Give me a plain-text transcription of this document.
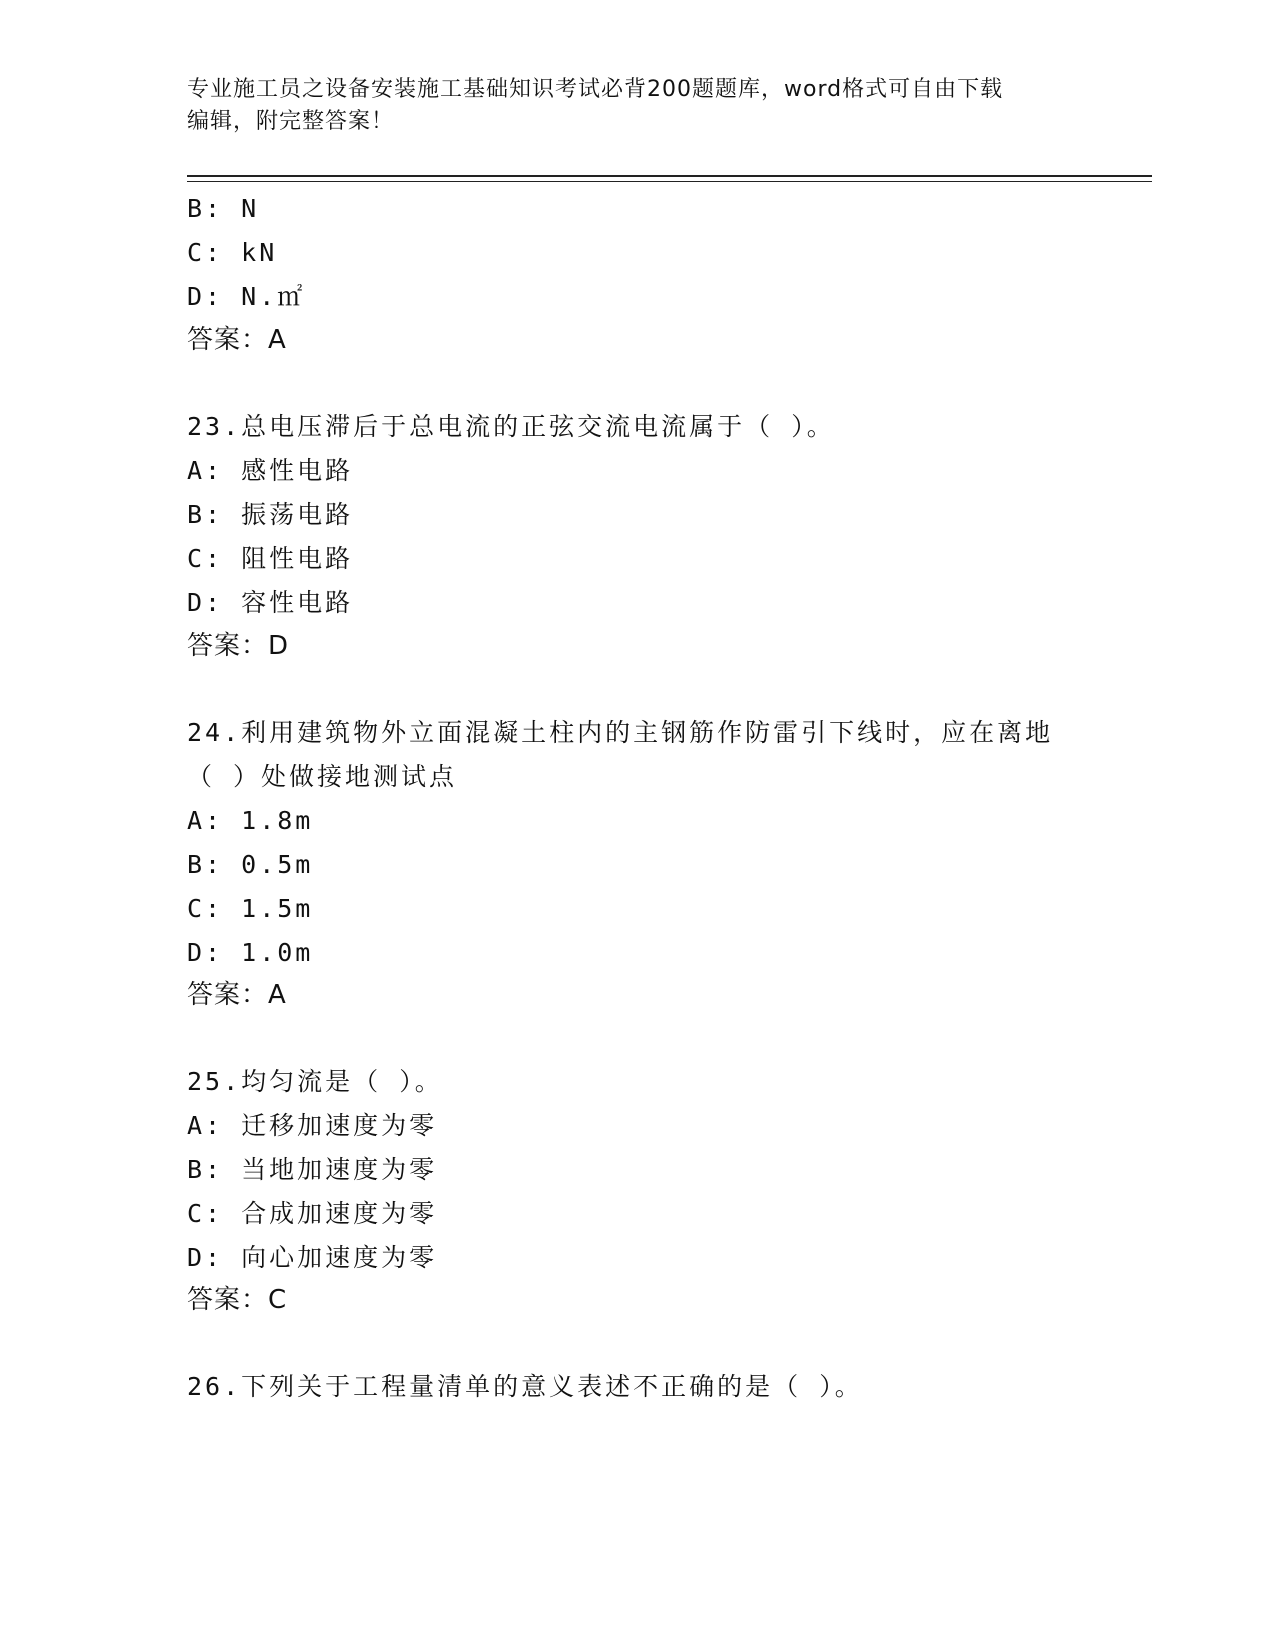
专业施工员之设备安装施工基础知识考试必背200题题库，word格式可自由下载
编辑，附完整答案！
B: N
C: kN
D: N.㎡
答案：A
23.总电压滞后于总电流的正弦交流电流属于（ ）。
A: 感性电路
B: 振荡电路
C: 阻性电路
D: 容性电路
答案：D
24.利用建筑物外立面混凝土柱内的主钢筋作防雷引下线时，应在离地
（ ）处做接地测试点
A: 1.8m
B: 0.5m
C: 1.5m
D: 1.0m
答案：A
25.均匀流是（ ）。
A: 迁移加速度为零
B: 当地加速度为零
C: 合成加速度为零
D: 向心加速度为零
答案：C
26.下列关于工程量清单的意义表述不正确的是（ ）。
